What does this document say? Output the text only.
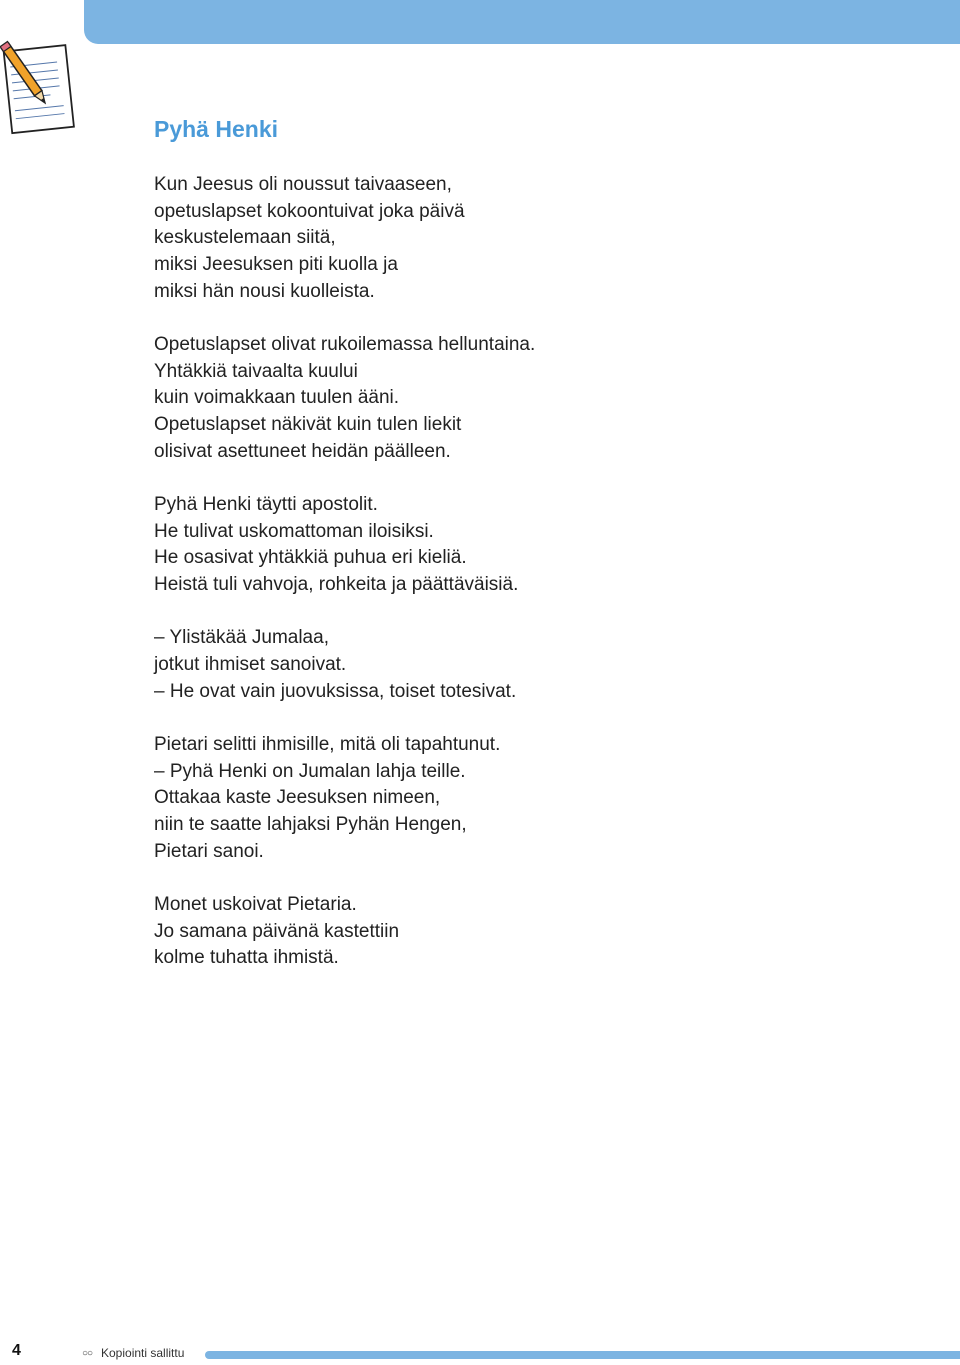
Pyhä Henki
Kun Jeesus oli noussut taivaaseen,
opetuslapset kokoontuivat joka päivä
keskustelemaan siitä,
miksi Jeesuksen piti kuolla ja
miksi hän nousi kuolleista.
Opetuslapset olivat rukoilemassa helluntaina.
Yhtäkkiä taivaalta kuului
kuin voimakkaan tuulen ääni.
Opetuslapset näkivät kuin tulen liekit
olisivat asettuneet heidän päälleen.
Pyhä Henki täytti apostolit.
He tulivat uskomattoman iloisiksi.
He osasivat yhtäkkiä puhua eri kieliä.
Heistä tuli vahvoja, rohkeita ja päättäväisiä.
– Ylistäkää Jumalaa,
jotkut ihmiset sanoivat.
– He ovat vain juovuksissa, toiset totesivat.
Pietari selitti ihmisille, mitä oli tapahtunut.
– Pyhä Henki on Jumalan lahja teille.
Ottakaa kaste Jeesuksen nimeen,
niin te saatte lahjaksi Pyhän Hengen,
Pietari sanoi.
Monet uskoivat Pietaria.
Jo samana päivänä kastettiin
kolme tuhatta ihmistä.
4	○○ Kopiointi sallittu
